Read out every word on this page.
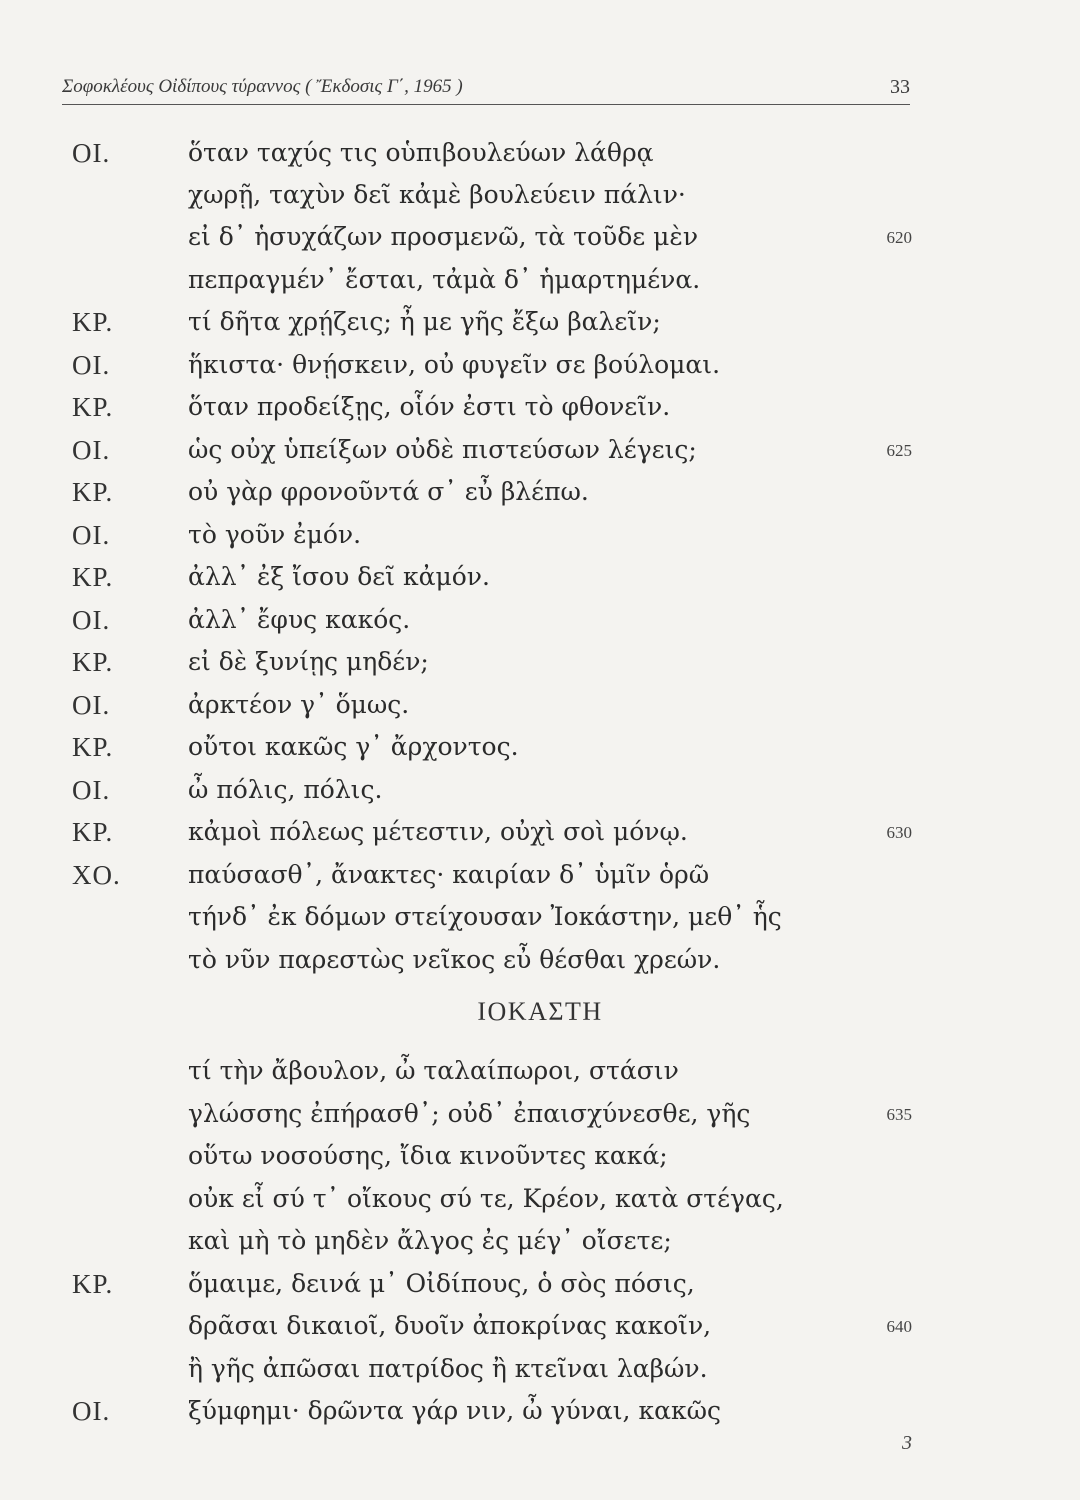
Σοφοκλέους Οἰδίπους τύραννος ( Ἔκδοσις Γ΄, 1965 )	33
ΟΙ.	ὅταν ταχύς τις οὑπιβουλεύων λάθρᾳ
χωρῇ, ταχὺν δεῖ κἀμὲ βουλεύειν πάλιν·
εἰ δ᾽ ἡσυχάζων προσμενῶ, τὰ τοῦδε μὲν	620
πεπραγμέν᾽ ἔσται, τἀμὰ δ᾽ ἡμαρτημένα.
ΚΡ.	τί δῆτα χρῄζεις; ἦ με γῆς ἔξω βαλεῖν;
ΟΙ.	ἥκιστα· θνῄσκειν, οὐ φυγεῖν σε βούλομαι.
ΚΡ.	ὅταν προδείξῃς, οἷόν ἐστι τὸ φθονεῖν.
ΟΙ.	ὡς οὐχ ὑπείξων οὐδὲ πιστεύσων λέγεις;	625
ΚΡ.	οὐ γὰρ φρονοῦντά σ᾽ εὖ βλέπω.
ΟΙ.	τὸ γοῦν ἐμόν.
ΚΡ.	ἀλλ᾽ ἐξ ἴσου δεῖ κἀμόν.
ΟΙ.	ἀλλ᾽ ἔφυς κακός.
ΚΡ.	εἰ δὲ ξυνίῃς μηδέν;
ΟΙ.	ἀρκτέον γ᾽ ὅμως.
ΚΡ.	οὔτοι κακῶς γ᾽ ἄρχοντος.
ΟΙ.	ὦ πόλις, πόλις.
ΚΡ.	κἀμοὶ πόλεως μέτεστιν, οὐχὶ σοὶ μόνῳ.	630
ΧΟ.	παύσασθ᾽, ἄνακτες· καιρίαν δ᾽ ὑμῖν ὁρῶ
τήνδ᾽ ἐκ δόμων στείχουσαν Ἰοκάστην, μεθ᾽ ἧς
τὸ νῦν παρεστὼς νεῖκος εὖ θέσθαι χρεών.
τί τὴν ἄβουλον, ὦ ταλαίπωροι, στάσιν
γλώσσης ἐπήρασθ᾽; οὐδ᾽ ἐπαισχύνεσθε, γῆς	635
οὕτω νοσούσης, ἴδια κινοῦντες κακά;
οὐκ εἶ σύ τ᾽ οἴκους σύ τε, Κρέον, κατὰ στέγας,
καὶ μὴ τὸ μηδὲν ἄλγος ἐς μέγ᾽ οἴσετε;
ΚΡ.	ὅμαιμε, δεινά μ᾽ Οἰδίπους, ὁ σὸς πόσις,
δρᾶσαι δικαιοῖ, δυοῖν ἀποκρίνας κακοῖν,	640
ἢ γῆς ἀπῶσαι πατρίδος ἢ κτεῖναι λαβών.
ΟΙ.	ξύμφημι· δρῶντα γάρ νιν, ὦ γύναι, κακῶς
ΙΟΚΑΣΤΗ
3
